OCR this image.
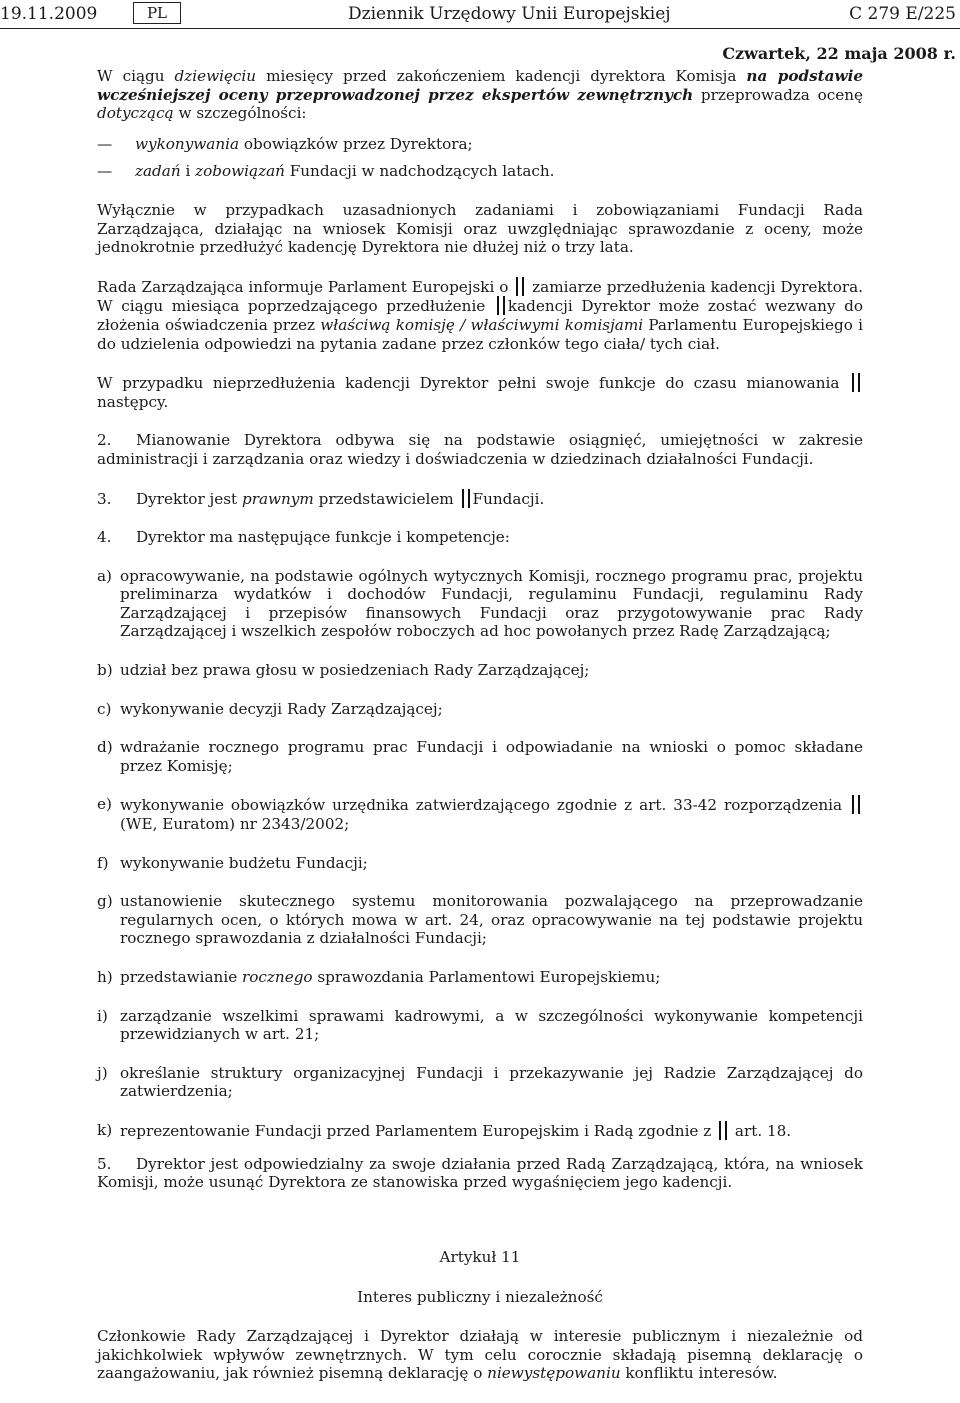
19.11.2009	PL	Dziennik Urzędowy Unii Europejskiej	C 279 E/225
Czwartek, 22 maja 2008 r.

W ciągu dziewięciu miesięcy przed zakończeniem kadencji dyrektora Komisja na podstawie wcześniejszej oceny przeprowadzonej przez ekspertów zewnętrznych przeprowadza ocenę dotyczącą w szczególności:

—	wykonywania obowiązków przez Dyrektora;
—	zadań i zobowiązań Fundacji w nadchodzących latach.

Wyłącznie w przypadkach uzasadnionych zadaniami i zobowiązaniami Fundacji Rada Zarządzająca, działając na wniosek Komisji oraz uwzględniając sprawozdanie z oceny, może jednokrotnie przedłużyć kadencję Dyrektora nie dłużej niż o trzy lata.

Rada Zarządzająca informuje Parlament Europejski o  zamiarze przedłużenia kadencji Dyrektora. W ciągu miesiąca poprzedzającego przedłużenie kadencji Dyrektor może zostać wezwany do złożenia oświadczenia przez właściwą komisję / właściwymi komisjami Parlamentu Europejskiego i do udzielenia odpowiedzi na pytania zadane przez członków tego ciała/ tych ciał.

W przypadku nieprzedłużenia kadencji Dyrektor pełni swoje funkcje do czasu mianowania następcy.

2. Mianowanie Dyrektora odbywa się na podstawie osiągnięć, umiejętności w zakresie administracji i zarządzania oraz wiedzy i doświadczenia w dziedzinach działalności Fundacji.

3. Dyrektor jest prawnym przedstawicielem Fundacji.

4. Dyrektor ma następujące funkcje i kompetencje:

a) opracowywanie, na podstawie ogólnych wytycznych Komisji, rocznego programu prac, projektu preliminarza wydatków i dochodów Fundacji, regulaminu Fundacji, regulaminu Rady Zarządzającej i przepisów finansowych Fundacji oraz przygotowywanie prac Rady Zarządzającej i wszelkich zespołów roboczych ad hoc powołanych przez Radę Zarządzającą;
b) udział bez prawa głosu w posiedzeniach Rady Zarządzającej;
c) wykonywanie decyzji Rady Zarządzającej;
d) wdrażanie rocznego programu prac Fundacji i odpowiadanie na wnioski o pomoc składane przez Komisję;
e) wykonywanie obowiązków urzędnika zatwierdzającego zgodnie z art. 33-42 rozporządzenia (WE, Euratom) nr 2343/2002;
f) wykonywanie budżetu Fundacji;
g) ustanowienie skutecznego systemu monitorowania pozwalającego na przeprowadzanie regularnych ocen, o których mowa w art. 24, oraz opracowywanie na tej podstawie projektu rocznego sprawozdania z działalności Fundacji;
h) przedstawianie rocznego sprawozdania Parlamentowi Europejskiemu;
i) zarządzanie wszelkimi sprawami kadrowymi, a w szczególności wykonywanie kompetencji przewidzianych w art. 21;
j) określanie struktury organizacyjnej Fundacji i przekazywanie jej Radzie Zarządzającej do zatwierdzenia;
k) reprezentowanie Fundacji przed Parlamentem Europejskim i Radą zgodnie z  art. 18.

5. Dyrektor jest odpowiedzialny za swoje działania przed Radą Zarządzającą, która, na wniosek Komisji, może usunąć Dyrektora ze stanowiska przed wygaśnięciem jego kadencji.

Artykuł 11

Interes publiczny i niezależność

Członkowie Rady Zarządzającej i Dyrektor działają w interesie publicznym i niezależnie od jakichkolwiek wpływów zewnętrznych. W tym celu corocznie składają pisemną deklarację o zaangażowaniu, jak również pisemną deklarację o niewystępowaniu konfliktu interesów.
